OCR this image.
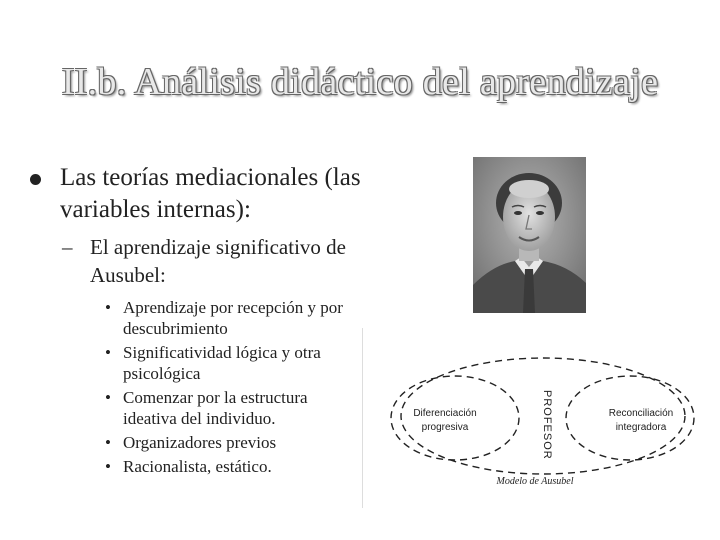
II.b. Análisis didáctico del aprendizaje
Las teorías mediacionales (las variables internas):
– El aprendizaje significativo de Ausubel:
• Aprendizaje por recepción y por descubrimiento
• Significatividad lógica y otra psicológica
• Comenzar por la estructura ideativa del individuo.
• Organizadores previos
• Racionalista, estático.
Diferenciación
progresiva
Reconciliación
integradora
PROFESOR
Modelo de Ausubel
